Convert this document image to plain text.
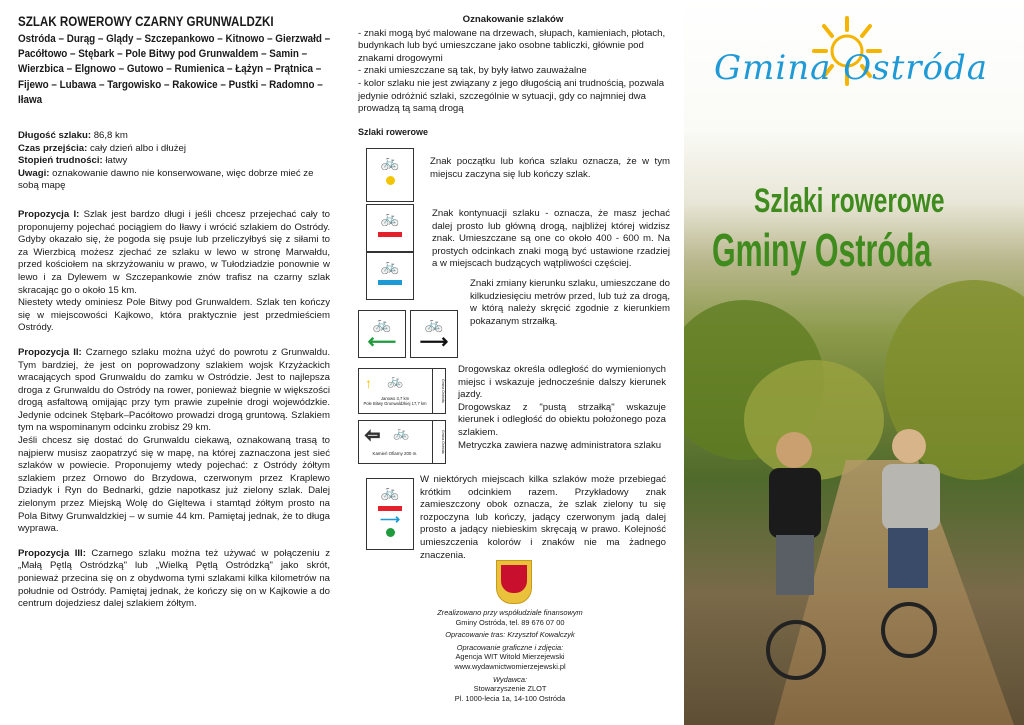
SZLAK ROWEROWY CZARNY GRUNWALDZKI
Ostróda – Durąg – Glądy – Szczepankowo – Kitnowo – Gierzwałd – Pacółtowo – Stębark – Pole Bitwy pod Grunwaldem – Samin – Wierzbica – Elgnowo – Gutowo – Rumienica – Łążyn – Prątnica – Fijewo – Lubawa – Targowisko – Rakowice – Pustki – Radomno – Iława

Długość szlaku: 86,8 km

Czas przejścia: cały dzień albo i dłużej

Stopień trudności: łatwy

Uwagi: oznakowanie dawno nie konserwowane, więc dobrze mieć ze sobą mapę

Propozycja I: Szlak jest bardzo długi i jeśli chcesz przejechać cały to proponujemy pojechać pociągiem do Iławy i wrócić szlakiem do Ostródy. Gdyby okazało się, że pogoda się psuje lub przeliczyłbyś się z siłami to za Wierzbicą możesz zjechać ze szlaku w lewo w stronę Marwałdu, przed kościołem na skrzyżowaniu w prawo, w Tułodziadzie ponownie w lewo i za Dylewem w Szczepankowie znów trafisz na czarny szlak skracając go o około 15 km.

Niestety wtedy ominiesz Pole Bitwy pod Grunwaldem. Szlak ten kończy się w miejscowości Kajkowo, która praktycznie jest przedmieściem Ostródy.

Propozycja II: Czarnego szlaku można użyć do powrotu z Grunwaldu. Tym bardziej, że jest on poprowadzony szlakiem wojsk Krzyżackich wracających spod Grunwaldu do zamku w Ostródzie. Jest to najlepsza droga z Grunwaldu do Ostródy na rower, ponieważ biegnie w większości drogą asfaltową omijając przy tym prawie zupełnie drogi wojewódzkie. Jedynie odcinek Stębark–Pacółtowo prowadzi drogą gruntową. Szlakiem tym na wspominanym odcinku zrobisz 29 km.

Jeśli chcesz się dostać do Grunwaldu ciekawą, oznakowaną trasą to najpierw musisz zaopatrzyć się w mapę, na której zaznaczona jest sieć szlaków w powiecie. Proponujemy wtedy pojechać: z Ostródy żółtym szlakiem przez Ornowo do Brzydowa, czerwonym przez Kraplewo Dziadyk i Ryn do Bednarki, gdzie napotkasz już zielony szlak. Dalej zielonym przez Miejską Wolę do Gięltewa i stamtąd żółtym prosto na Pola Bitwy Grunwaldzkiej – w sumie 44 km. Pamiętaj jednak, że to długa wyprawa.

Propozycja III: Czarnego szlaku można też używać w połączeniu z „Małą Pętlą Ostródzką" lub „Wielką Pętlą Ostródzką" jako skrót, ponieważ przecina się on z obydwoma tymi szlakami kilka kilometrów na południe od Ostródy. Pamiętaj jednak, że kończy się on w Kajkowie a do centrum dojedziesz dalej szlakiem żółtym.

Oznakowanie szlaków

- znaki mogą być malowane na drzewach, słupach, kamieniach, płotach, budynkach lub być umieszczane jako osobne tabliczki, głównie pod znakami drogowymi

- znaki umieszczane są tak, by były łatwo zauważalne

- kolor szlaku nie jest związany z jego długością ani trudnością, pozwala jedynie odróżnić szlaki, szczególnie w sytuacji, gdy co najmniej dwa prowadzą tą samą drogą

Szlaki rowerowe
🚲	Znak początku lub końca szlaku oznacza, że w tym miejscu zaczyna się lub kończy szlak.
🚲
🚲
Znak kontynuacji szlaku - oznacza, że masz jechać dalej prosto lub główną drogą, najbliżej której widzisz znak. Umieszczane są one co około 400 - 600 m. Na prostych odcinkach znaki mogą być ustawione rzadziej a w miejscach budzących wątpliwości częściej.
🚲
⟵
🚲
⟶
Znaki zmiany kierunku szlaku, umieszczane do kilkudziesięciu metrów przed, lub tuż za drogą, w którą należy skręcić zgodnie z kierunkiem pokazanym strzałką.
↑ 🚲
Janowo 3,7 km
Pole Bitwy Grunwaldzkiej 17,7 km
Gmina Ostróda
⇦ 🚲
Kamień Ofiarny 200 m.	Gmina Ostróda
Drogowskaz określa odległość do wymienionych miejsc i wskazuje jednocześnie dalszy kierunek jazdy.
Drogowskaz z "pustą strzałką" wskazuje kierunek i odległość do obiektu położonego poza szlakiem.
Metryczka zawiera nazwę administratora szlaku
🚲
⟶
W niektórych miejscach kilka szlaków może przebiegać krótkim odcinkiem razem. Przykładowy znak zamieszczony obok oznacza, że szlak zielony tu się rozpoczyna lub kończy, jadący czerwonym jadą dalej prosto a jadący niebieskim skręcają w prawo. Kolejność umieszczenia kolorów i znaków nie ma żadnego znaczenia.
Zrealizowano przy współudziale finansowym
Gminy Ostróda, tel. 89 676 07 00
Opracowanie tras: Krzysztof Kowalczyk
Opracowanie graficzne i zdjęcia:
Agencja WIT Witold Mierzejewski
www.wydawnictwomierzejewski.pl
Wydawca:
Stowarzyszenie ZLOT
Pl. 1000-lecia 1a, 14-100 Ostróda
Gmina Ostróda
Szlaki rowerowe
Gminy Ostróda
